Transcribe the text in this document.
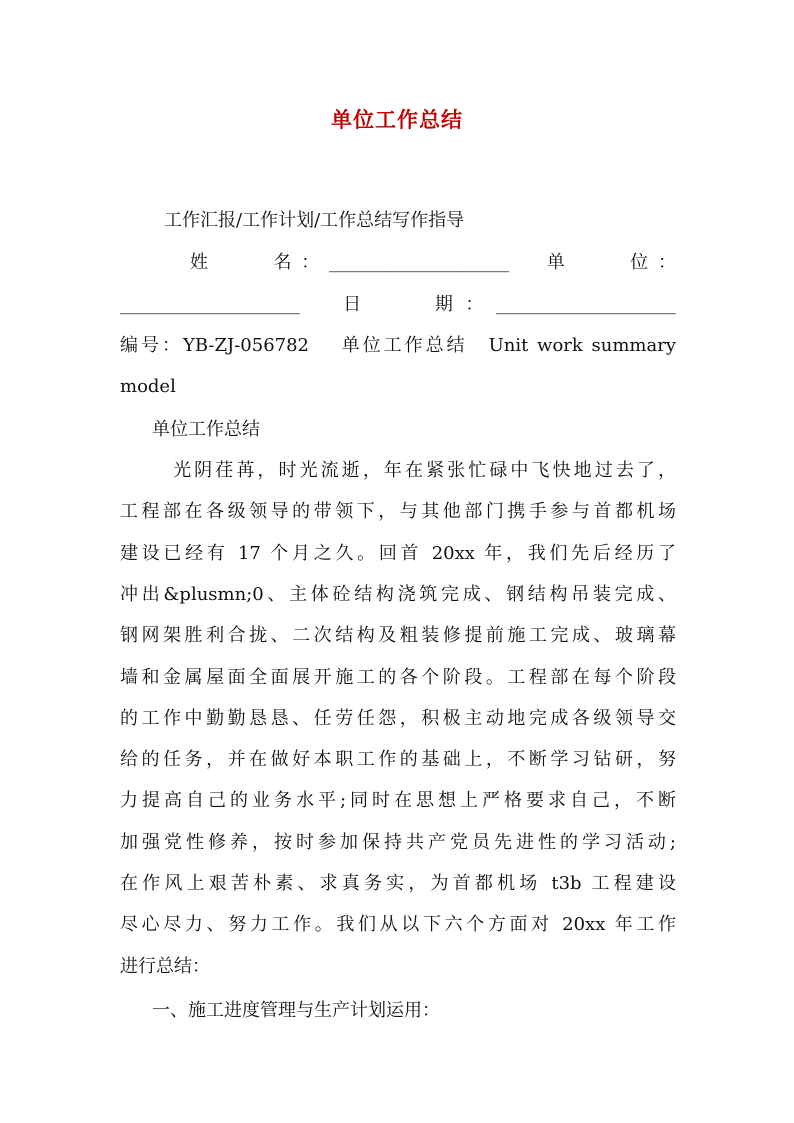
单位工作总结
工作汇报/工作计划/工作总结写作指导
姓　　名：____________________　单　　位：
____________________　日　　期：____________________
编号：YB-ZJ-056782　 单位工作总结　Unit work summary
model
单位工作总结
　光阴荏苒，时光流逝，年在紧张忙碌中飞快地过去了，
工程部在各级领导的带领下，与其他部门携手参与首都机场
建设已经有 17 个月之久。回首 20xx 年，我们先后经历了
冲出&plusmn;0、主体砼结构浇筑完成、钢结构吊装完成、
钢网架胜利合拢、二次结构及粗装修提前施工完成、玻璃幕
墙和金属屋面全面展开施工的各个阶段。工程部在每个阶段
的工作中勤勤恳恳、任劳任怨，积极主动地完成各级领导交
给的任务，并在做好本职工作的基础上，不断学习钻研，努
力提高自己的业务水平;同时在思想上严格要求自己，不断
加强党性修养，按时参加保持共产党员先进性的学习活动;
在作风上艰苦朴素、求真务实，为首都机场 t3b 工程建设
尽心尽力、努力工作。我们从以下六个方面对 20xx 年工作
进行总结：
一、施工进度管理与生产计划运用：
